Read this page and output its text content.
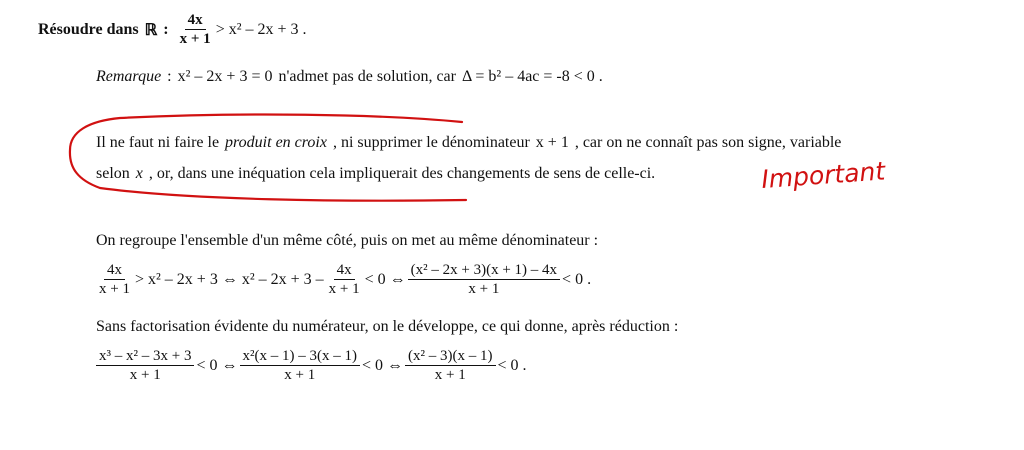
Résoudre dans ℝ : $\frac{4x}{x + 1} > x^2 - 2x + 3$ .
Remarque : x² – 2x + 3 = 0 n'admet pas de solution, car Δ = b² – 4ac = -8 < 0 .
Il ne faut ni faire le produit en croix , ni supprimer le dénominateur x + 1 , car on ne connaît pas son signe, variable
selon x , or, dans une inéquation cela impliquerait des changements de sens de celle-ci.	Important
On regroupe l'ensemble d'un même côté, puis on met au même dénominateur :
$\frac{4x}{x + 1} > x^2 - 2x + 3$ ⇔ $x^2 - 2x + 3 - \frac{4x}{x + 1} < 0$ ⇔ $\frac{\text{(x² – 2x + 3)(x + 1) – 4x}}{x + 1} < 0$ .
Sans factorisation évidente du numérateur, on le développe, ce qui donne, après réduction :
$\frac{\text{x³ – x² – 3x + 3}}{x + 1} < 0$ ⇔ $\frac{\text{x²(x – 1) – 3(x – 1)}}{x + 1} < 0$ ⇔ $\frac{\text{(x² – 3)(x – 1)}}{x + 1} < 0$ .
